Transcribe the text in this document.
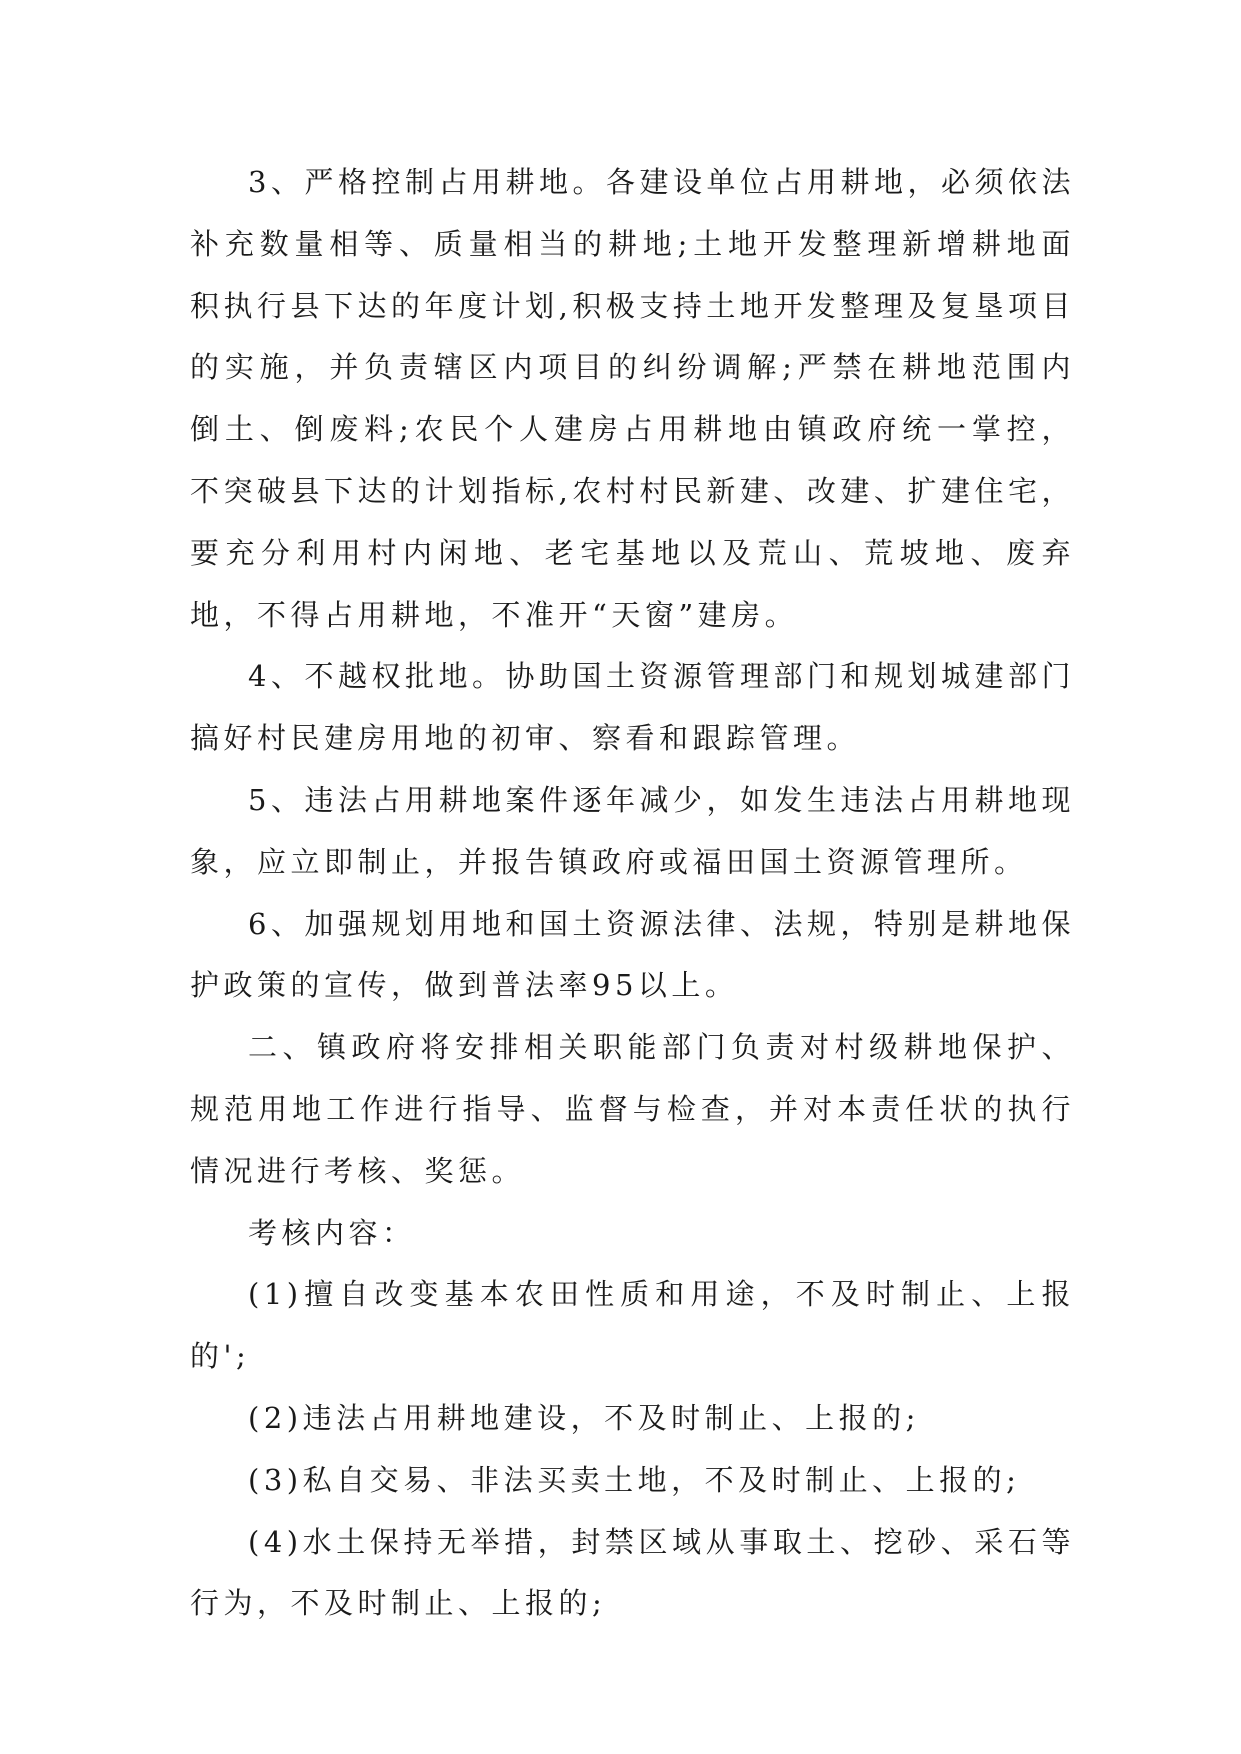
3、严格控制占用耕地。各建设单位占用耕地，必须依法补充数量相等、质量相当的耕地;土地开发整理新增耕地面积执行县下达的年度计划,积极支持土地开发整理及复垦项目的实施，并负责辖区内项目的纠纷调解;严禁在耕地范围内倒土、倒废料;农民个人建房占用耕地由镇政府统一掌控，不突破县下达的计划指标,农村村民新建、改建、扩建住宅，要充分利用村内闲地、老宅基地以及荒山、荒坡地、废弃地，不得占用耕地，不准开“天窗”建房。

4、不越权批地。协助国土资源管理部门和规划城建部门搞好村民建房用地的初审、察看和跟踪管理。

5、违法占用耕地案件逐年减少，如发生违法占用耕地现象，应立即制止，并报告镇政府或福田国土资源管理所。

6、加强规划用地和国土资源法律、法规，特别是耕地保护政策的宣传，做到普法率95以上。

二、镇政府将安排相关职能部门负责对村级耕地保护、规范用地工作进行指导、监督与检查，并对本责任状的执行情况进行考核、奖惩。

考核内容：

(1)擅自改变基本农田性质和用途，不及时制止、上报的';

(2)违法占用耕地建设，不及时制止、上报的;

(3)私自交易、非法买卖土地，不及时制止、上报的;

(4)水土保持无举措，封禁区域从事取土、挖砂、采石等行为，不及时制止、上报的;
